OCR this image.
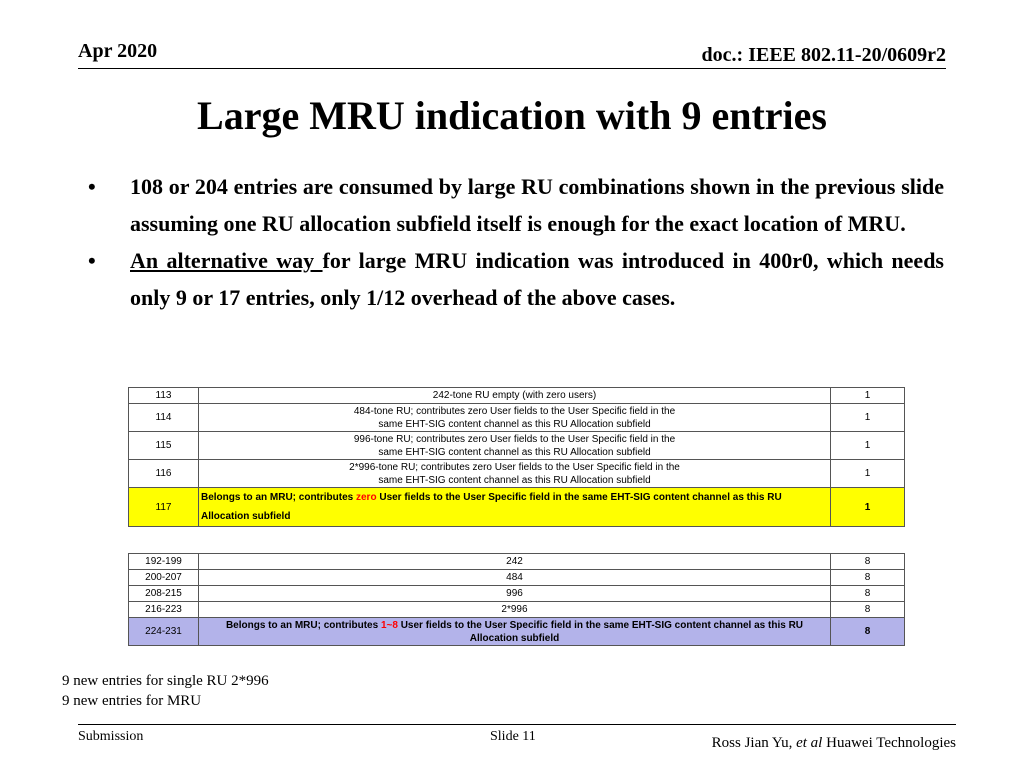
Apr 2020	doc.: IEEE 802.11-20/0609r2
Large MRU indication with 9 entries
• 108 or 204 entries are consumed by large RU combinations shown in the previous slide assuming one RU allocation subfield itself is enough for the exact location of MRU.
• An alternative way for large MRU indication was introduced in 400r0, which needs only 9 or 17 entries, only 1/12 overhead of the above cases.
113	242-tone RU empty (with zero users)	1
114	484-tone RU; contributes zero User fields to the User Specific field in the
same EHT-SIG content channel as this RU Allocation subfield	1
115	996-tone RU; contributes zero User fields to the User Specific field in the
same EHT-SIG content channel as this RU Allocation subfield	1
116	2*996-tone RU; contributes zero User fields to the User Specific field in the
same EHT-SIG content channel as this RU Allocation subfield	1
117	Belongs to an MRU; contributes zero User fields to the User Specific field in the same EHT-SIG content channel as this RU Allocation subfield	1
192-199	242	8
200-207	484	8
208-215	996	8
216-223	2*996	8
224-231	Belongs to an MRU; contributes 1~8 User fields to the User Specific field in the same EHT-SIG content channel as this RU Allocation subfield	8
9 new entries for single RU 2*996
9 new entries for MRU
Submission	Slide 11	Ross Jian Yu, et al Huawei Technologies
